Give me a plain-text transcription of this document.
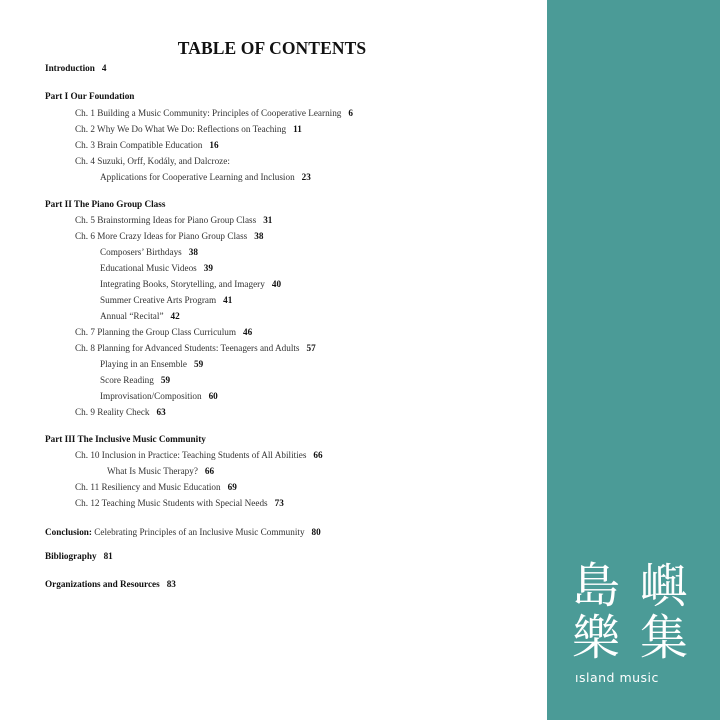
TABLE OF CONTENTS
Introduction 4
Part I Our Foundation
Ch. 1 Building a Music Community: Principles of Cooperative Learning 6
Ch. 2 Why We Do What We Do: Reflections on Teaching 11
Ch. 3 Brain Compatible Education 16
Ch. 4 Suzuki, Orff, Kodály, and Dalcroze:
Applications for Cooperative Learning and Inclusion 23
Part II The Piano Group Class
Ch. 5 Brainstorming Ideas for Piano Group Class 31
Ch. 6 More Crazy Ideas for Piano Group Class 38
Composers’ Birthdays 38
Educational Music Videos 39
Integrating Books, Storytelling, and Imagery 40
Summer Creative Arts Program 41
Annual “Recital” 42
Ch. 7 Planning the Group Class Curriculum 46
Ch. 8 Planning for Advanced Students: Teenagers and Adults 57
Playing in an Ensemble 59
Score Reading 59
Improvisation/Composition 60
Ch. 9 Reality Check 63
Part III The Inclusive Music Community
Ch. 10 Inclusion in Practice: Teaching Students of All Abilities 66
What Is Music Therapy? 66
Ch. 11 Resiliency and Music Education 69
Ch. 12 Teaching Music Students with Special Needs 73
Conclusion: Celebrating Principles of an Inclusive Music Community 80
Bibliography 81
Organizations and Resources 83	島 嶼
樂 集
ısland music
